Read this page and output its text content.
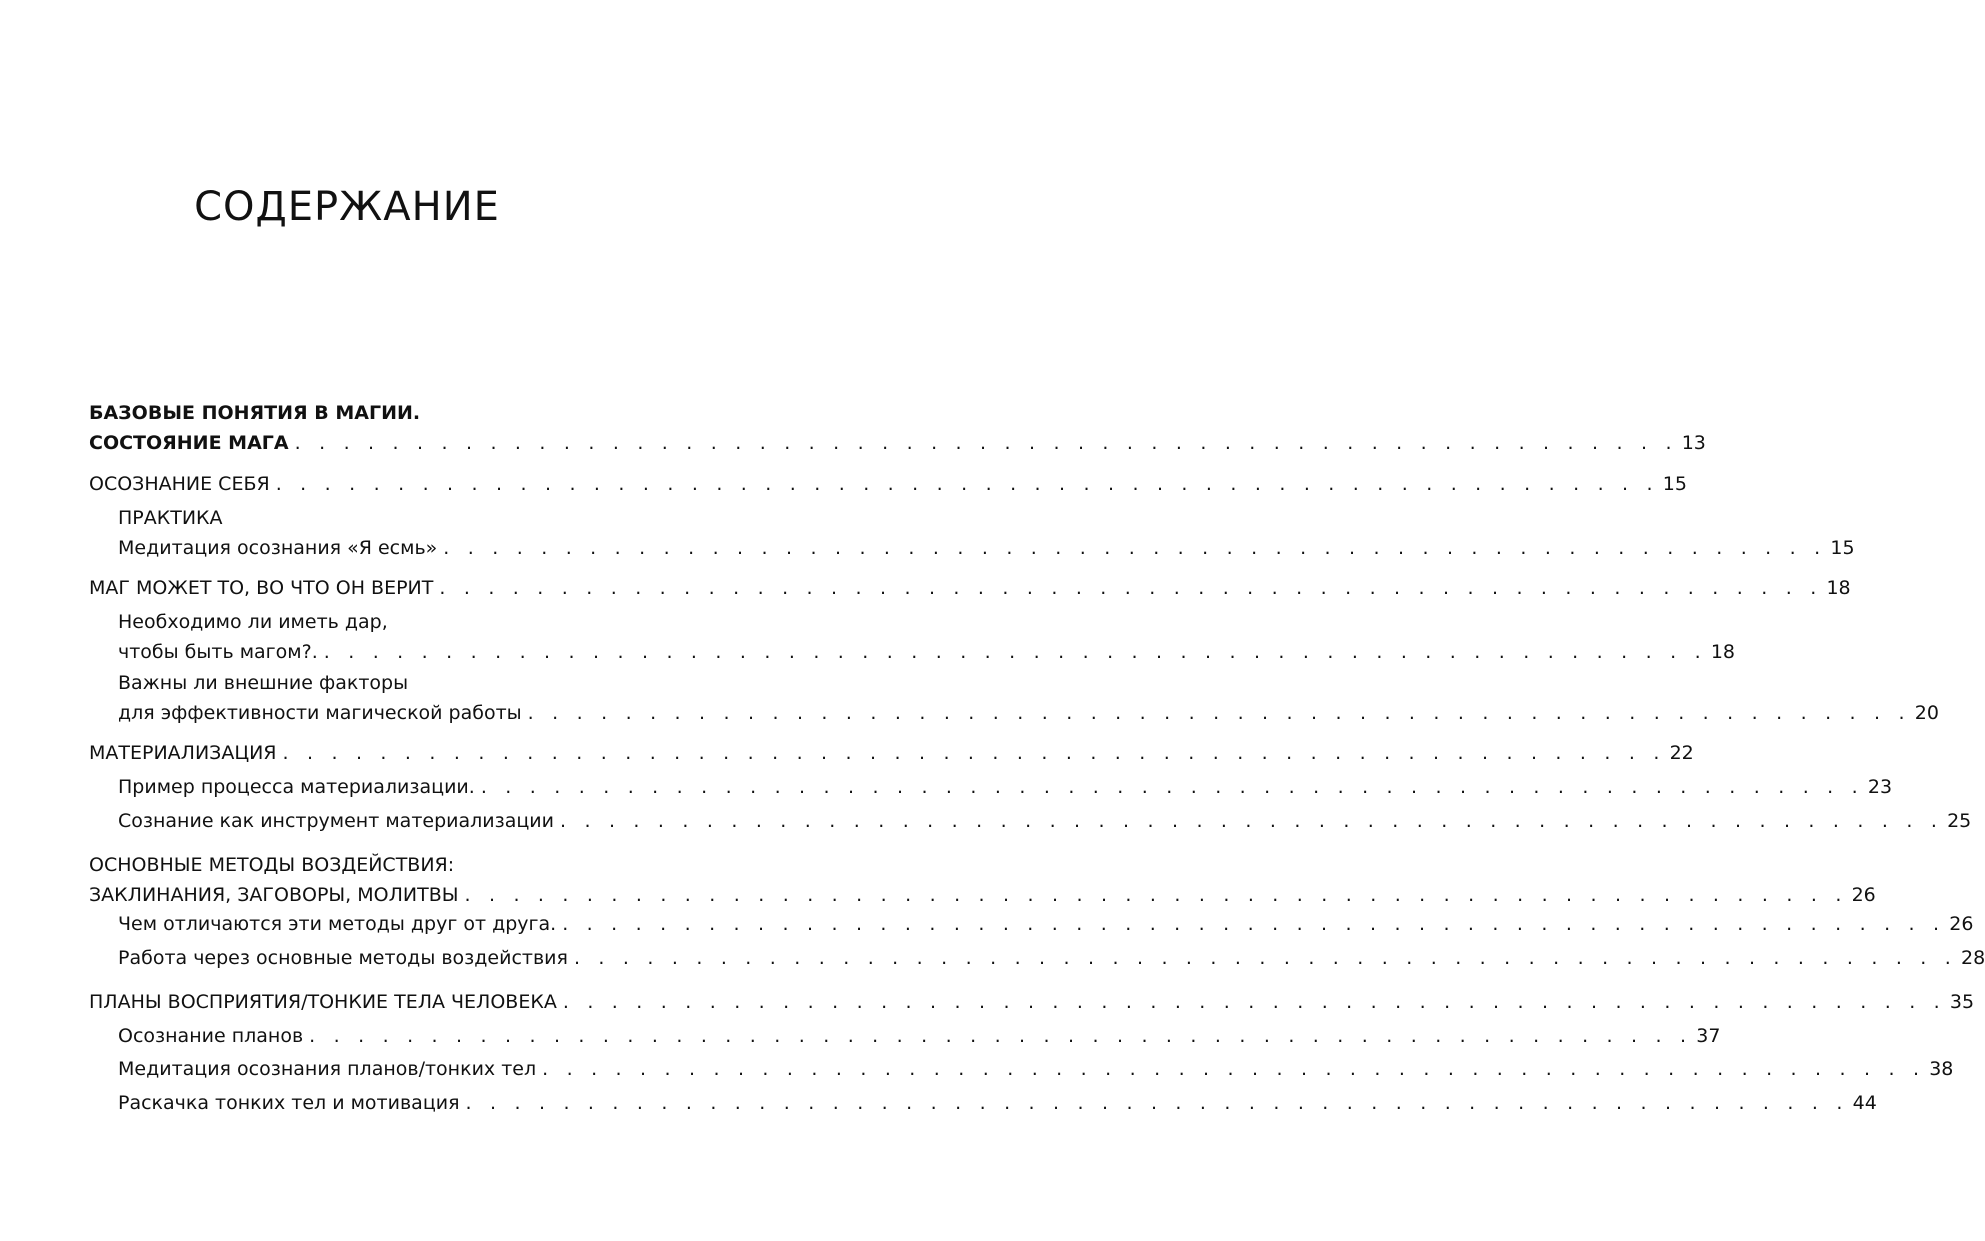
СОДЕРЖАНИЕ
БАЗОВЫЕ ПОНЯТИЯ В МАГИИ.
СОСТОЯНИЕ МАГА . . . . . . . . . . . . . . . . . . . . . . . . . . . . . . . . . . . . . . . . . . . . . . . . . . . . . . . . . 13
ОСОЗНАНИЕ СЕБЯ . . . . . . . . . . . . . . . . . . . . . . . . . . . . . . . . . . . . . . . . . . . . . . . . . . . . . . . . . 15
ПРАКТИКА
Медитация осознания «Я есмь» . . . . . . . . . . . . . . . . . . . . . . . . . . . . . . . . . . . . . . . . . . . . . . . . . . . . . . . . . 15
МАГ МОЖЕТ ТО, ВО ЧТО ОН ВЕРИТ . . . . . . . . . . . . . . . . . . . . . . . . . . . . . . . . . . . . . . . . . . . . . . . . . . . . . . . . . 18
Необходимо ли иметь дар,
чтобы быть магом?. . . . . . . . . . . . . . . . . . . . . . . . . . . . . . . . . . . . . . . . . . . . . . . . . . . . . . . . . . 18
Важны ли внешние факторы
для эффективности магической работы . . . . . . . . . . . . . . . . . . . . . . . . . . . . . . . . . . . . . . . . . . . . . . . . . . . . . . . . . 20
МАТЕРИАЛИЗАЦИЯ . . . . . . . . . . . . . . . . . . . . . . . . . . . . . . . . . . . . . . . . . . . . . . . . . . . . . . . . . 22
Пример процесса материализации. . . . . . . . . . . . . . . . . . . . . . . . . . . . . . . . . . . . . . . . . . . . . . . . . . . . . . . . . . 23
Сознание как инструмент материализации . . . . . . . . . . . . . . . . . . . . . . . . . . . . . . . . . . . . . . . . . . . . . . . . . . . . . . . . . 25
ОСНОВНЫЕ МЕТОДЫ ВОЗДЕЙСТВИЯ:
ЗАКЛИНАНИЯ, ЗАГОВОРЫ, МОЛИТВЫ . . . . . . . . . . . . . . . . . . . . . . . . . . . . . . . . . . . . . . . . . . . . . . . . . . . . . . . . . 26
Чем отличаются эти методы друг от друга. . . . . . . . . . . . . . . . . . . . . . . . . . . . . . . . . . . . . . . . . . . . . . . . . . . . . . . . . . 26
Работа через основные методы воздействия . . . . . . . . . . . . . . . . . . . . . . . . . . . . . . . . . . . . . . . . . . . . . . . . . . . . . . . . . 28
ПЛАНЫ ВОСПРИЯТИЯ/ТОНКИЕ ТЕЛА ЧЕЛОВЕКА . . . . . . . . . . . . . . . . . . . . . . . . . . . . . . . . . . . . . . . . . . . . . . . . . . . . . . . . . 35
Осознание планов . . . . . . . . . . . . . . . . . . . . . . . . . . . . . . . . . . . . . . . . . . . . . . . . . . . . . . . . . 37
Медитация осознания планов/тонких тел . . . . . . . . . . . . . . . . . . . . . . . . . . . . . . . . . . . . . . . . . . . . . . . . . . . . . . . . . 38
Раскачка тонких тел и мотивация . . . . . . . . . . . . . . . . . . . . . . . . . . . . . . . . . . . . . . . . . . . . . . . . . . . . . . . . . 44
